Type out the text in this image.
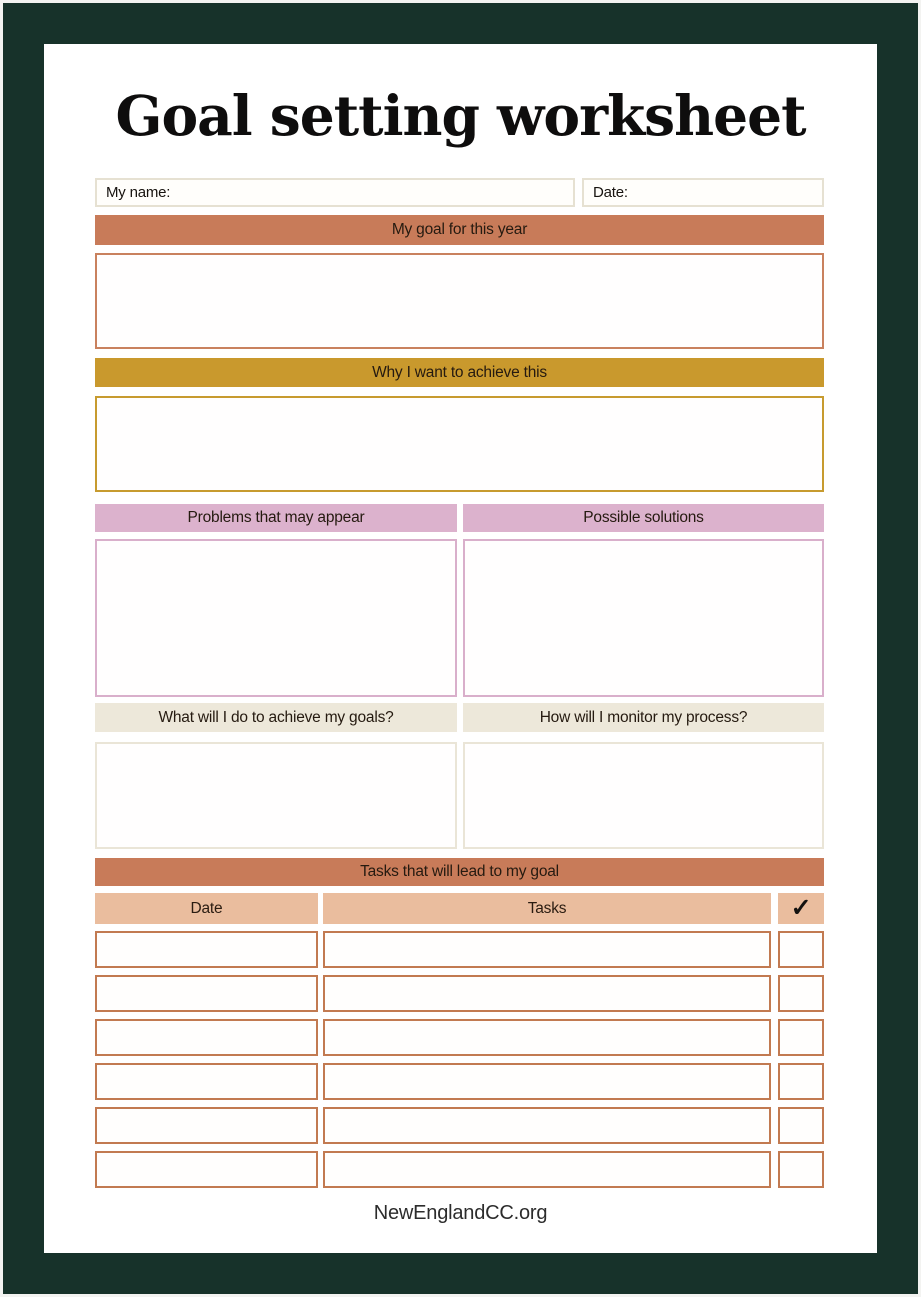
Goal setting worksheet
My name:	Date:
My goal for this year
Why I want to achieve this
Problems that may appear	Possible solutions
What will I do to achieve my goals?	How will I monitor my process?
Tasks that will lead to my goal
Date	Tasks	✓
NewEnglandCC.org
